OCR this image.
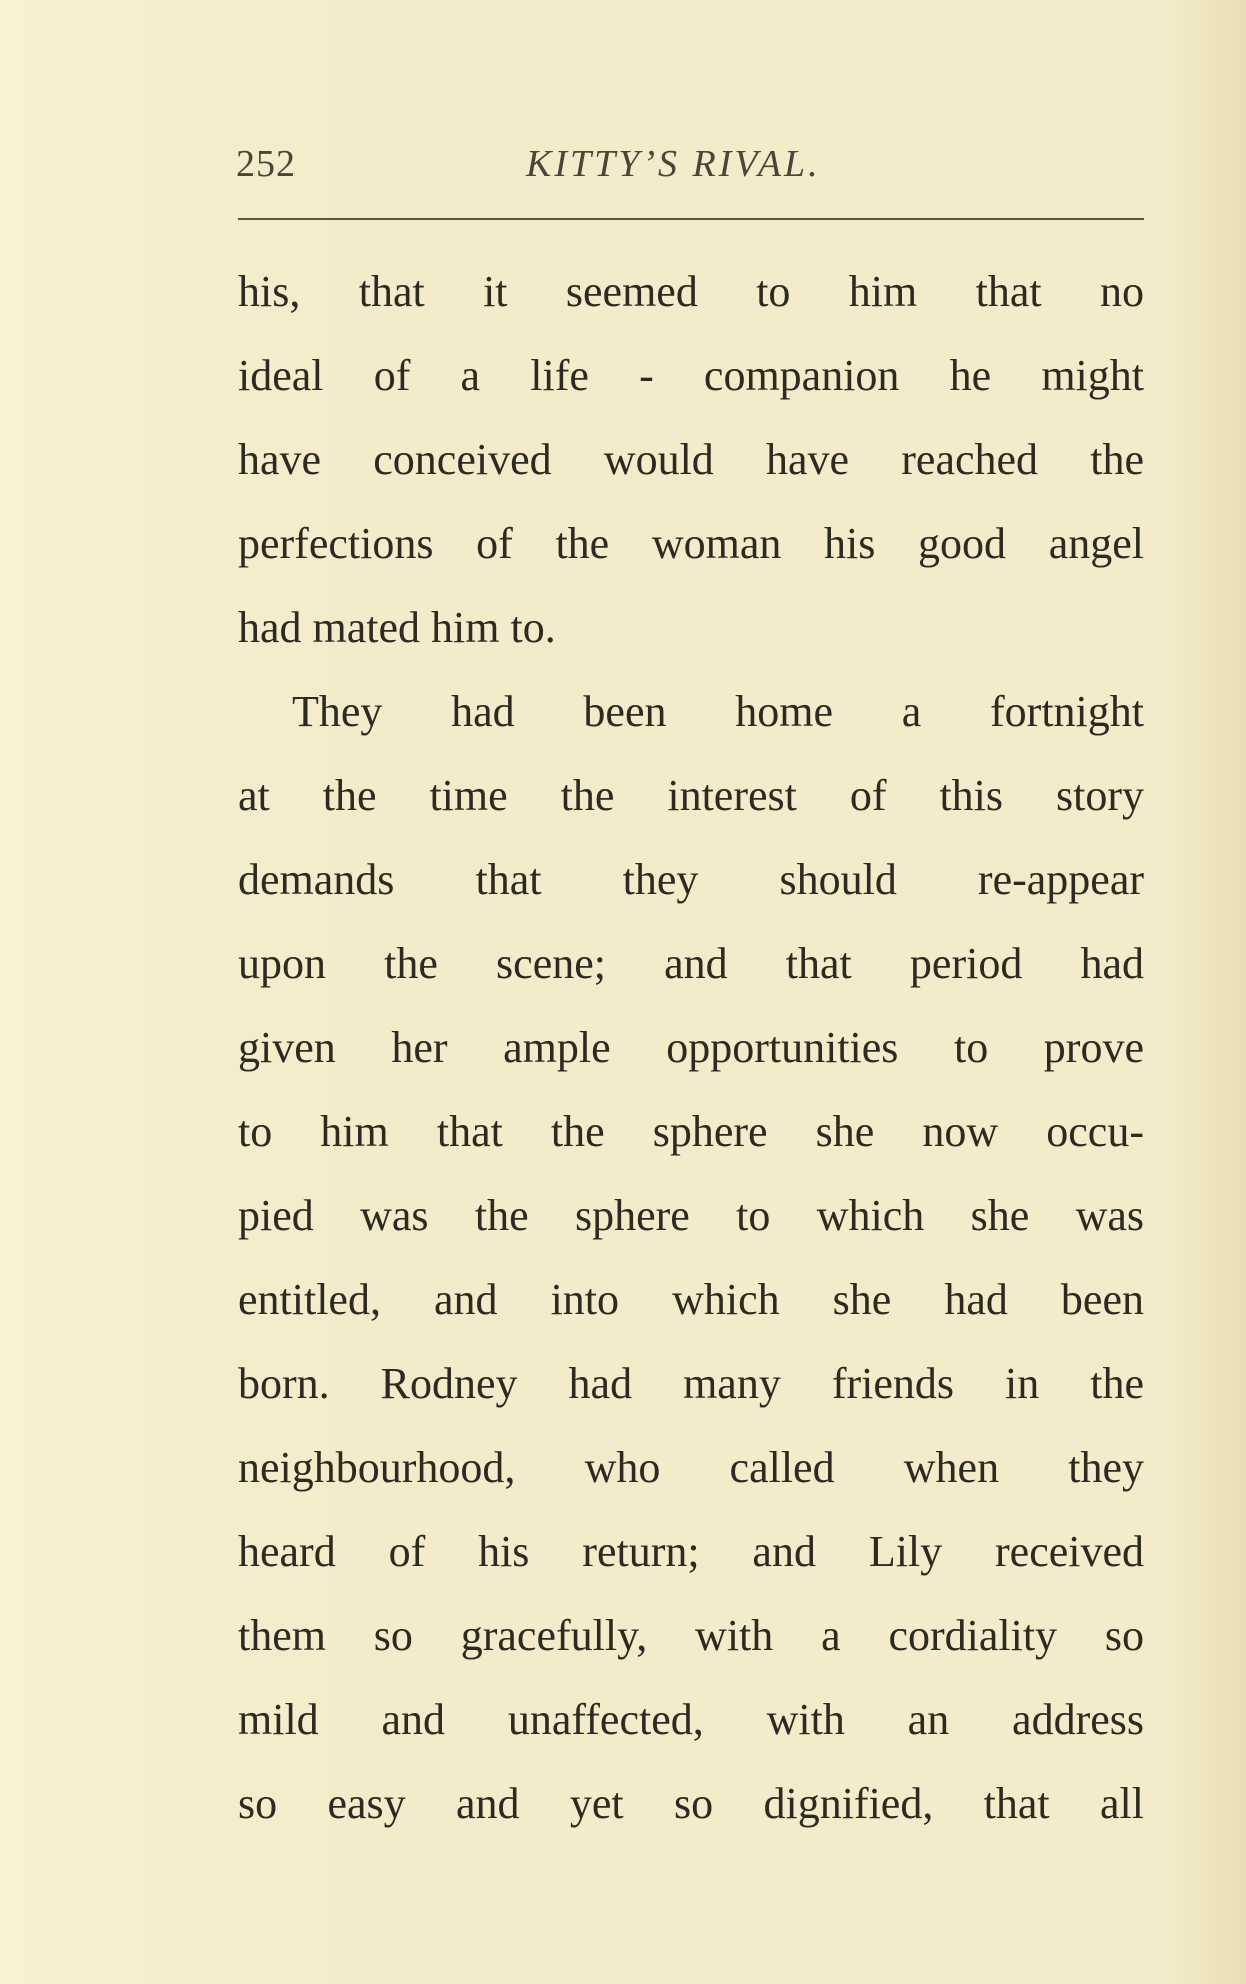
252	KITTY’S RIVAL.
his, that it seemed to him that no
ideal of a life - companion he might
have conceived would have reached the
perfections of the woman his good angel
had mated him to.
They had been home a fortnight
at the time the interest of this story
demands that they should re-appear
upon the scene; and that period had
given her ample opportunities to prove
to him that the sphere she now occu-
pied was the sphere to which she was
entitled, and into which she had been
born. Rodney had many friends in the
neighbourhood, who called when they
heard of his return; and Lily received
them so gracefully, with a cordiality so
mild and unaffected, with an address
so easy and yet so dignified, that all
